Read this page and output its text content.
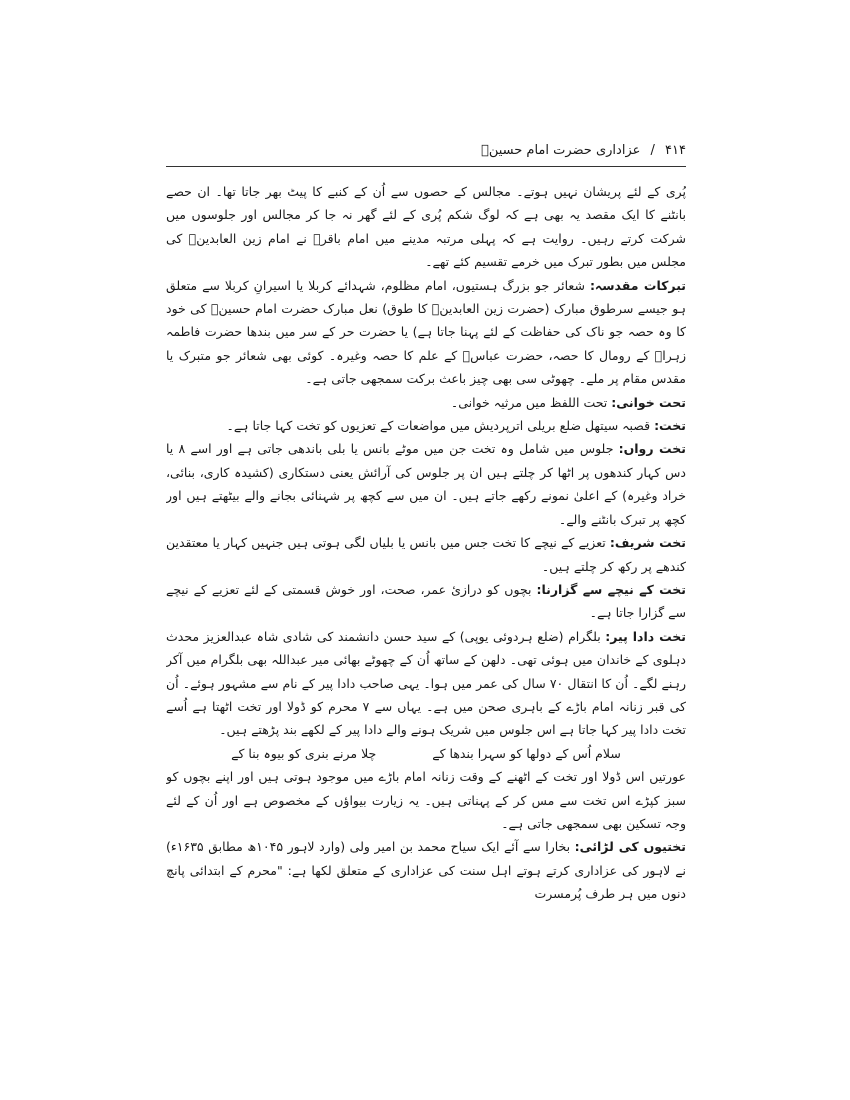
۴۱۴ / عزاداری حضرت امام حسینؑ

پُری کے لئے پریشان نہیں ہوتے۔ مجالس کے حصوں سے اُن کے کنبے کا پیٹ بھر جاتا تھا۔ ان حصے بانٹنے کا ایک مقصد یہ بھی ہے کہ لوگ شکم پُری کے لئے گھر نہ جا کر مجالس اور جلوسوں میں شرکت کرتے رہیں۔ روایت ہے کہ پہلی مرتبہ مدینے میں امام باقرؑ نے امام زین العابدینؑ کی مجلس میں بطور تبرک میں خرمے تقسیم کئے تھے۔

تبرکات مقدسہ: شعائر جو بزرگ ہستیوں، امام مظلوم، شہدائے کربلا یا اسیرانِ کربلا سے متعلق ہو جیسے سرطوق مبارک (حضرت زین العابدینؑ کا طوق) نعل مبارک حضرت امام حسینؑ کی خود کا وہ حصہ جو ناک کی حفاظت کے لئے پہنا جاتا ہے) یا حضرت حر کے سر میں بندھا حضرت فاطمہ زہراؑ کے رومال کا حصہ، حضرت عباسؑ کے علم کا حصہ وغیرہ۔ کوئی بھی شعائر جو متبرک یا مقدس مقام پر ملے۔ چھوٹی سی بھی چیز باعث برکت سمجھی جاتی ہے۔

تحت خوانی: تحت اللفظ میں مرثیہ خوانی۔

تخت: قصبہ سیتھل ضلع بریلی اترپردیش میں مواضعات کے تعزیوں کو تخت کہا جاتا ہے۔

تخت رواں: جلوس میں شامل وہ تخت جن میں موٹے بانس یا بلی باندھی جاتی ہے اور اسے ۸ یا دس کہار کندھوں پر اٹھا کر چلتے ہیں ان پر جلوس کی آرائش یعنی دستکاری (کشیدہ کاری، بنائی، خراد وغیرہ) کے اعلیٰ نمونے رکھے جاتے ہیں۔ ان میں سے کچھ پر شہنائی بجانے والے بیٹھتے ہیں اور کچھ پر تبرک بانٹنے والے۔

تخت شریف: تعزیے کے نیچے کا تخت جس میں بانس یا بلیاں لگی ہوتی ہیں جنہیں کہار یا معتقدین کندھے پر رکھ کر چلتے ہیں۔

تخت کے نیچے سے گزارنا: بچوں کو درازیٔ عمر، صحت، اور خوش قسمتی کے لئے تعزیے کے نیچے سے گزارا جاتا ہے۔

تخت دادا پیر: بلگرام (ضلع ہردوئی یوپی) کے سید حسن دانشمند کی شادی شاہ عبدالعزیز محدث دہلوی کے خاندان میں ہوئی تھی۔ دلھن کے ساتھ اُن کے چھوٹے بھائی میر عبداللہ بھی بلگرام میں آکر رہنے لگے۔ اُن کا انتقال ۷۰ سال کی عمر میں ہوا۔ یہی صاحب دادا پیر کے نام سے مشہور ہوئے۔ اُن کی قبر زنانہ امام باڑے کے باہری صحن میں ہے۔ یہاں سے ۷ محرم کو ڈولا اور تخت اٹھتا ہے اُسے تخت دادا پیر کہا جاتا ہے اس جلوس میں شریک ہونے والے دادا پیر کے لکھے بند پڑھتے ہیں۔

سلام اُس کے دولھا کو سہرا بندھا کے چلا مرنے بنری کو بیوہ بنا کے

عورتیں اس ڈولا اور تخت کے اٹھنے کے وقت زنانہ امام باڑے میں موجود ہوتی ہیں اور اپنے بچوں کو سبز کپڑے اس تخت سے مس کر کے پہناتی ہیں۔ یہ زیارت بیواؤں کے مخصوص ہے اور اُن کے لئے وجہ تسکین بھی سمجھی جاتی ہے۔

تختیوں کی لڑائی: بخارا سے آئے ایک سیاح محمد بن امیر ولی (وارد لاہور ۱۰۴۵ھ مطابق ۱۶۳۵ء) نے لاہور کی عزاداری کرتے ہوتے اہل سنت کی عزاداری کے متعلق لکھا ہے: "محرم کے ابتدائی پانچ دنوں میں ہر طرف پُرمسرت
